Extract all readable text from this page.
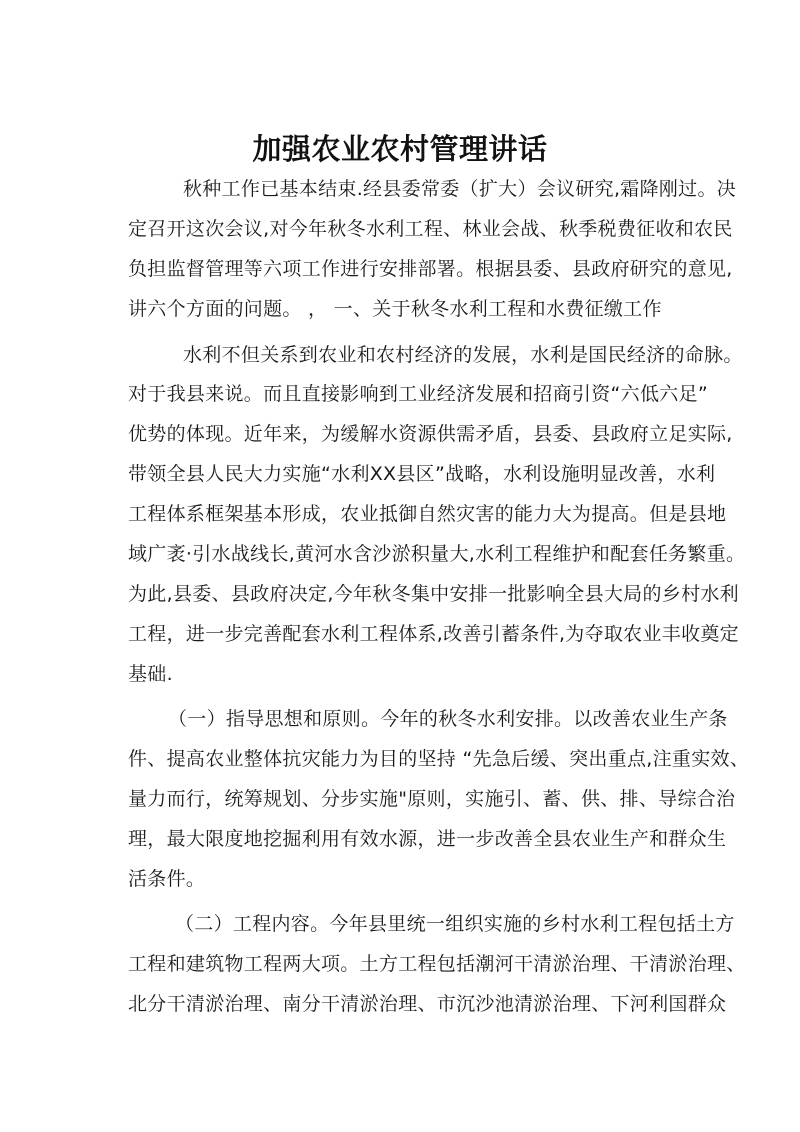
加强农业农村管理讲话
秋种工作已基本结束.经县委常委（扩大）会议研究,霜降刚过。决
定召开这次会议,对今年秋冬水利工程、林业会战、秋季税费征收和农民
负担监督管理等六项工作进行安排部署。根据县委、县政府研究的意见,
讲六个方面的问题。 ， 一、关于秋冬水利工程和水费征缴工作
水利不但关系到农业和农村经济的发展，水利是国民经济的命脉。
对于我县来说。而且直接影响到工业经济发展和招商引资“六低六足”
优势的体现。近年来，为缓解水资源供需矛盾，县委、县政府立足实际,
带领全县人民大力实施“水利XX县区”战略，水利设施明显改善，水利
工程体系框架基本形成，农业抵御自然灾害的能力大为提高。但是县地
域广袤·引水战线长,黄河水含沙淤积量大,水利工程维护和配套任务繁重。
为此,县委、县政府决定,今年秋冬集中安排一批影响全县大局的乡村水利
工程，进一步完善配套水利工程体系,改善引蓄条件,为夺取农业丰收奠定
基础.
（一）指导思想和原则。今年的秋冬水利安排。以改善农业生产条
件、提高农业整体抗灾能力为目的坚持 “先急后缓、突出重点,注重实效、
量力而行，统筹规划、分步实施"原则，实施引、蓄、供、排、导综合治
理，最大限度地挖掘利用有效水源，进一步改善全县农业生产和群众生
活条件。
（二）工程内容。今年县里统一组织实施的乡村水利工程包括土方
工程和建筑物工程两大项。土方工程包括潮河干清淤治理、干清淤治理、
北分干清淤治理、南分干清淤治理、市沉沙池清淤治理、下河利国群众
